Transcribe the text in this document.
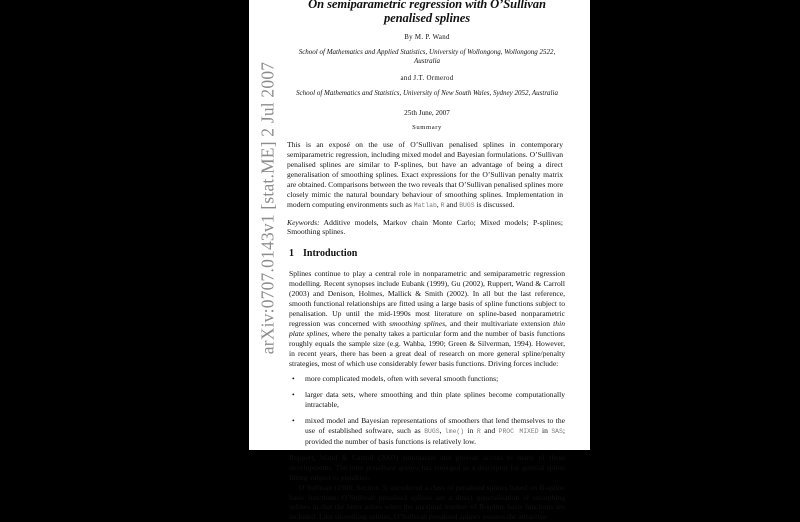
arXiv:0707.0143v1 [stat.ME] 2 Jul 2007
On semiparametric regression with O’Sullivan penalised splines
By M. P. Wand
School of Mathematics and Applied Statistics, University of Wollongong, Wollongong 2522, Australia
and J.T. Ormerod
School of Mathematics and Statistics, University of New South Wales, Sydney 2052, Australia
25th June, 2007
Summary

This is an exposé on the use of O’Sullivan penalised splines in contemporary semiparametric regression, including mixed model and Bayesian formulations. O’Sullivan penalised splines are similar to P-splines, but have an advantage of being a direct generalisation of smoothing splines. Exact expressions for the O’Sullivan penalty matrix are obtained. Comparisons between the two reveals that O’Sullivan penalised splines more closely mimic the natural boundary behaviour of smoothing splines. Implementation in modern computing environments such as Matlab, R and BUGS is discussed.

Keywords: Additive models, Markov chain Monte Carlo; Mixed models; P-splines; Smoothing splines.

1 Introduction

Splines continue to play a central role in nonparametric and semiparametric regression modelling. Recent synopses include Eubank (1999), Gu (2002), Ruppert, Wand & Carroll (2003) and Denison, Holmes, Mallick & Smith (2002). In all but the last reference, smooth functional relationships are fitted using a large basis of spline functions subject to penalisation. Up until the mid-1990s most literature on spline-based nonparametric regression was concerned with smoothing splines, and their multivariate extension thin plate splines, where the penalty takes a particular form and the number of basis functions roughly equals the sample size (e.g. Wahba, 1990; Green & Silverman, 1994). However, in recent years, there has been a great deal of research on more general spline/penalty strategies, most of which use considerably fewer basis functions. Driving forces include:

• more complicated models, often with several smooth functions;
• larger data sets, where smoothing and thin plate splines become computationally intractable,
• mixed model and Bayesian representations of smoothers that lend themselves to the use of established software, such as BUGS, lme() in R and PROC MIXED in SAS; provided the number of basis functions is relatively low.

Ruppert, Wand & Carroll (2003) summarise and provide access to many of these developments. The term penalised splines has emerged as a descriptor for general spline fitting subject to penalties.

O’Sullivan (1986, Section 3) introduced a class of penalised splines based on B-spline basis functions. O’Sullivan penalised splines are a direct generalisation of smoothing splines in that the latter arises when the maximal number of B-spline basis functions are included. Like smoothing splines, O’Sullivan penalised splines possess the attractive
